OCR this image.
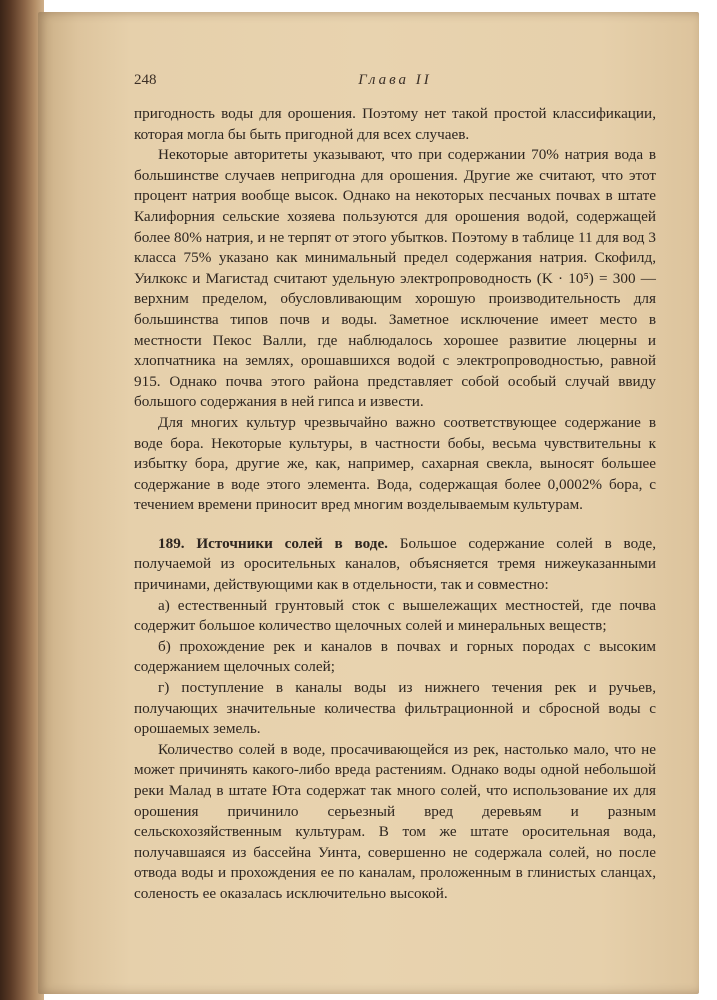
248	Глава II

пригодность воды для орошения. Поэтому нет такой простой классификации, которая могла бы быть пригодной для всех случаев.

Некоторые авторитеты указывают, что при содержании 70% натрия вода в большинстве случаев непригодна для орошения. Другие же считают, что этот процент натрия вообще высок. Однако на некоторых песчаных почвах в штате Калифорния сельские хозяева пользуются для орошения водой, содержащей более 80% натрия, и не терпят от этого убытков. Поэтому в таблице 11 для вод 3 класса 75% указано как минимальный предел содержания натрия. Скофилд, Уилкокс и Магистад считают удельную электропроводность (K · 10⁵) = 300 — верхним пределом, обусловливающим хорошую производительность для большинства типов почв и воды. Заметное исключение имеет место в местности Пекос Валли, где наблюдалось хорошее развитие люцерны и хлопчатника на землях, орошавшихся водой с электропроводностью, равной 915. Однако почва этого района представляет собой особый случай ввиду большого содержания в ней гипса и извести.

Для многих культур чрезвычайно важно соответствующее содержание в воде бора. Некоторые культуры, в частности бобы, весьма чувствительны к избытку бора, другие же, как, например, сахарная свекла, выносят большее содержание в воде этого элемента. Вода, содержащая более 0,0002% бора, с течением времени приносит вред многим возделываемым культурам.

189. Источники солей в воде. Большое содержание солей в воде, получаемой из оросительных каналов, объясняется тремя нижеуказанными причинами, действующими как в отдельности, так и совместно:

а) естественный грунтовый сток с вышележащих местностей, где почва содержит большое количество щелочных солей и минеральных веществ;

б) прохождение рек и каналов в почвах и горных породах с высоким содержанием щелочных солей;

г) поступление в каналы воды из нижнего течения рек и ручьев, получающих значительные количества фильтрационной и сбросной воды с орошаемых земель.

Количество солей в воде, просачивающейся из рек, настолько мало, что не может причинять какого-либо вреда растениям. Однако воды одной небольшой реки Малад в штате Юта содержат так много солей, что использование их для орошения причинило серьезный вред деревьям и разным сельскохозяйственным культурам. В том же штате оросительная вода, получавшаяся из бассейна Уинта, совершенно не содержала солей, но после отвода воды и прохождения ее по каналам, проложенным в глинистых сланцах, соленость ее оказалась исключительно высокой.
